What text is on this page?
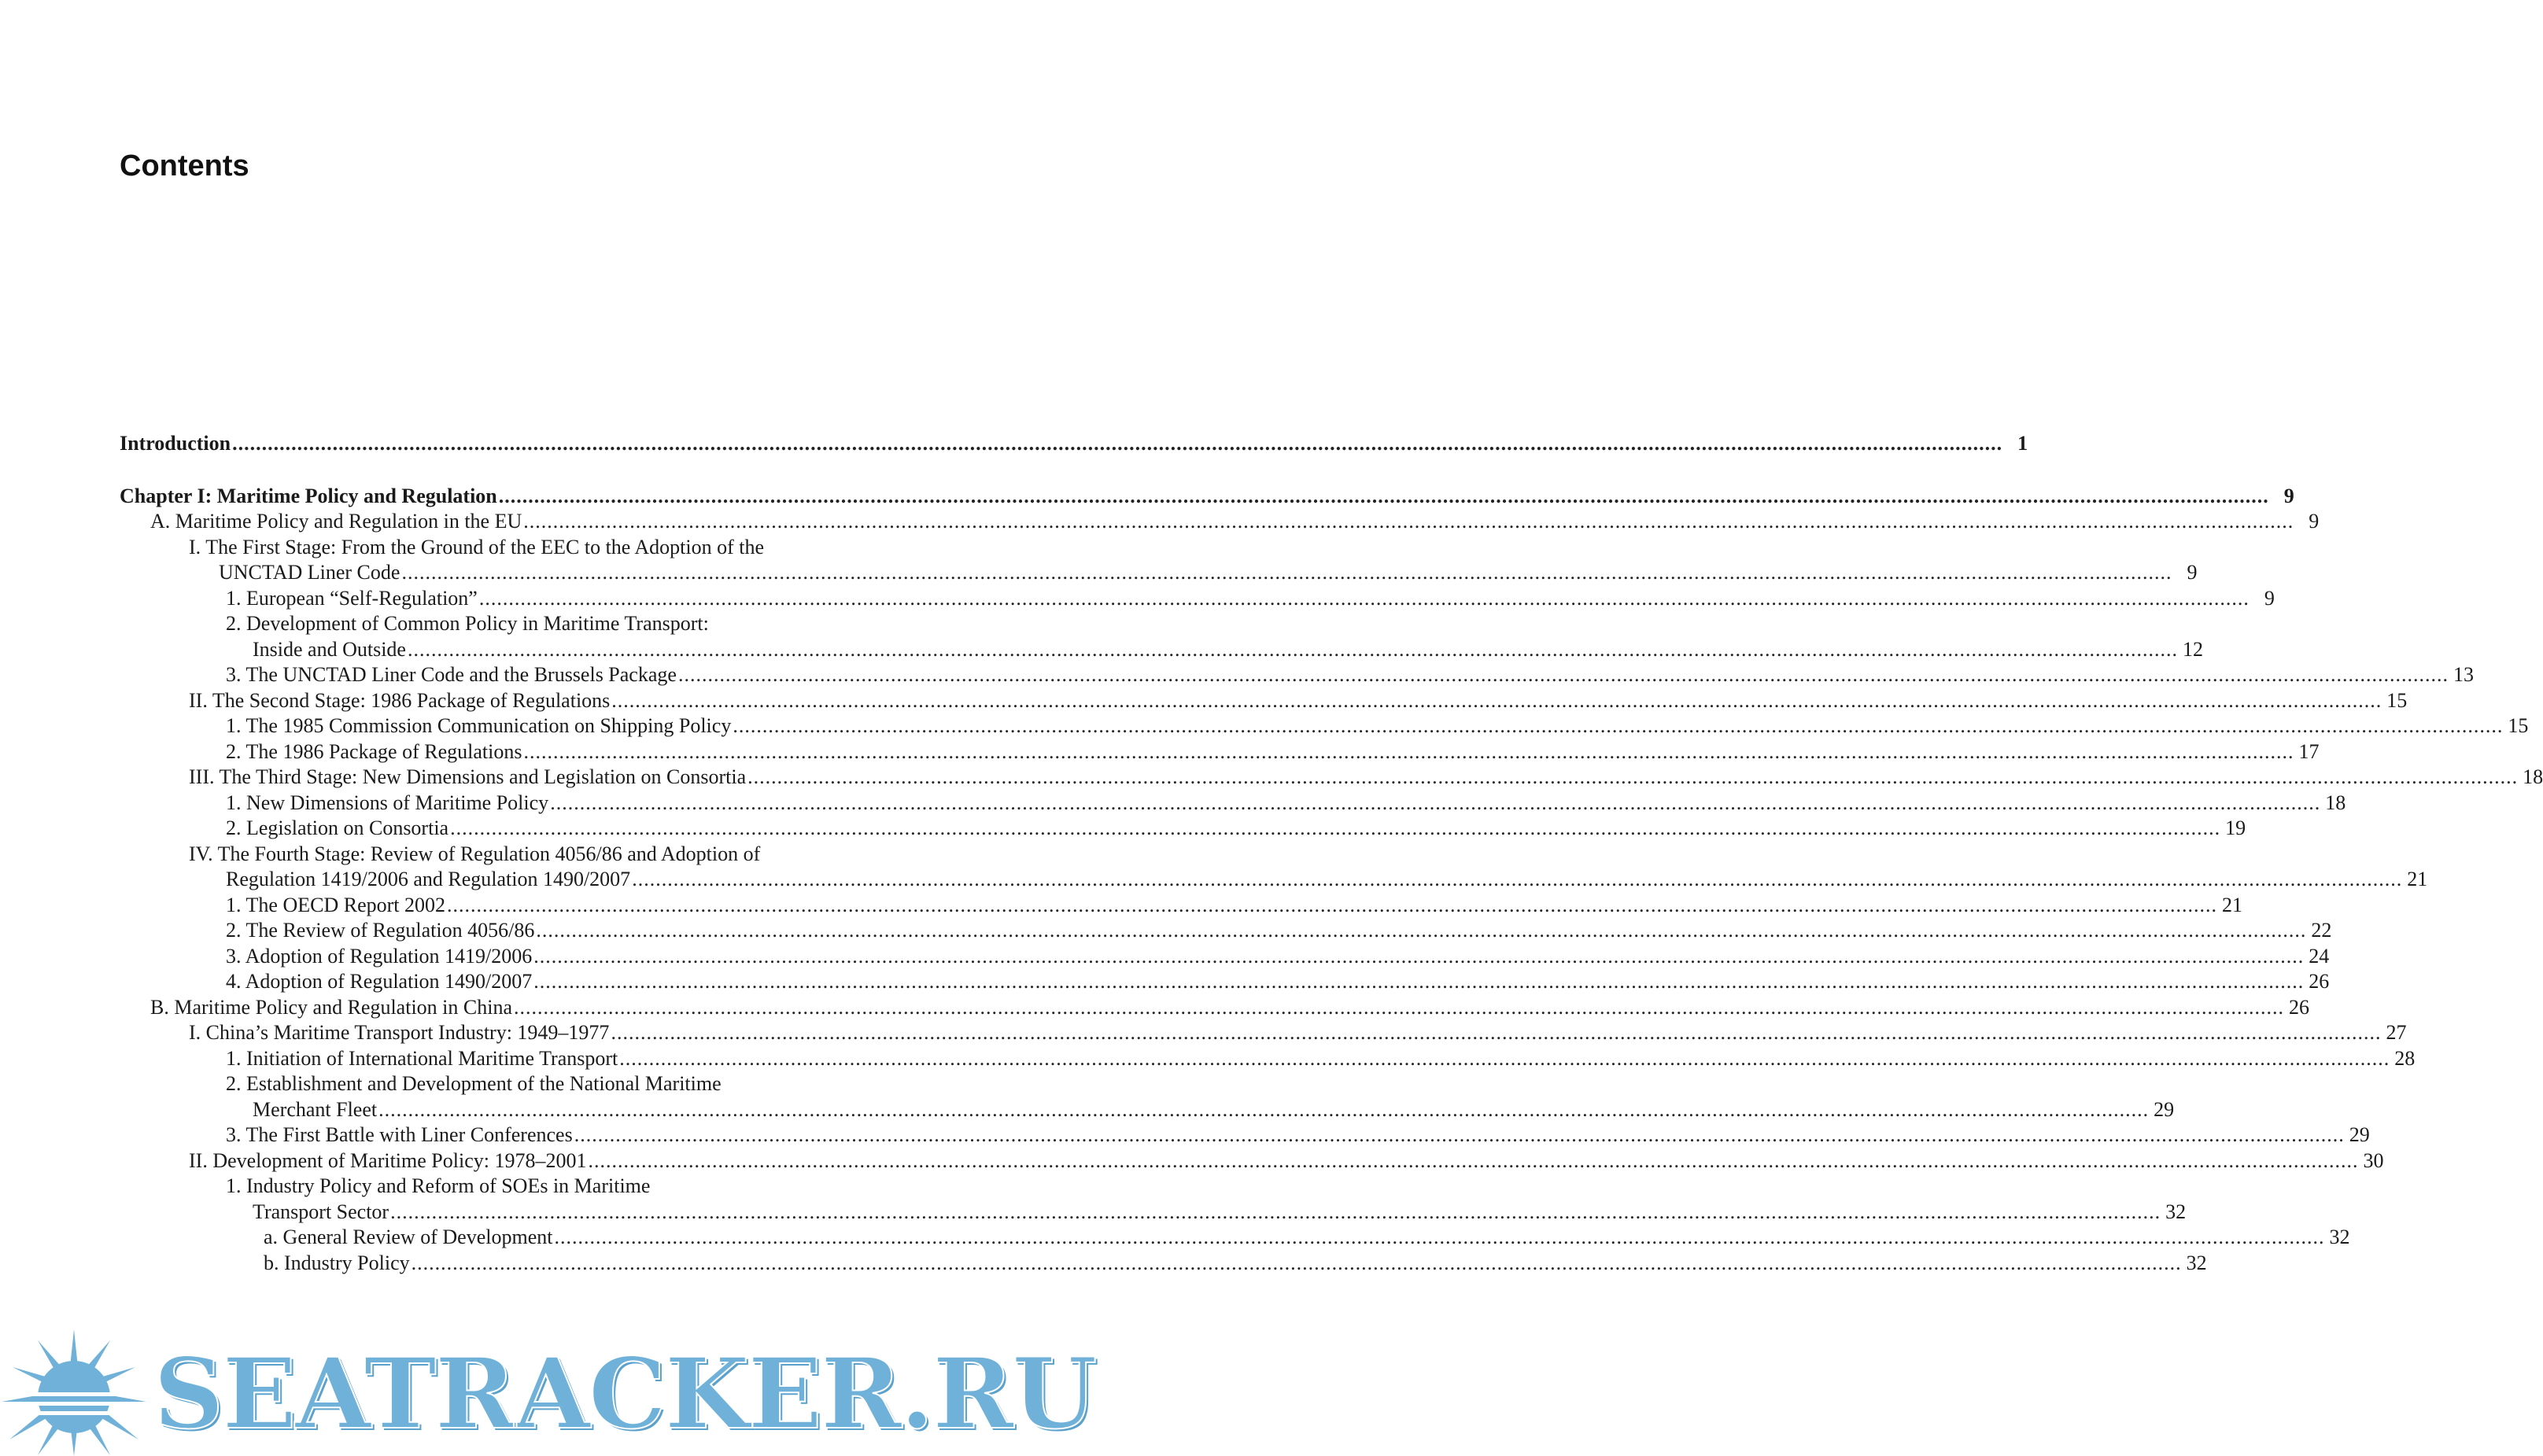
Contents
Introduction ............................................................................................................................................................................................................................................................................................................ 1
Chapter I: Maritime Policy and Regulation ............................................................................................................................................................................................................................................................................................................ 9
A. Maritime Policy and Regulation in the EU ............................................................................................................................................................................................................................................................................................................ 9
I. The First Stage: From the Ground of the EEC to the Adoption of the
UNCTAD Liner Code ............................................................................................................................................................................................................................................................................................................ 9
1. European “Self-Regulation” ............................................................................................................................................................................................................................................................................................................ 9
2. Development of Common Policy in Maritime Transport:
Inside and Outside ............................................................................................................................................................................................................................................................................................................ 12
3. The UNCTAD Liner Code and the Brussels Package ............................................................................................................................................................................................................................................................................................................ 13
II. The Second Stage: 1986 Package of Regulations ............................................................................................................................................................................................................................................................................................................ 15
1. The 1985 Commission Communication on Shipping Policy ............................................................................................................................................................................................................................................................................................................ 15
2. The 1986 Package of Regulations ............................................................................................................................................................................................................................................................................................................ 17
III. The Third Stage: New Dimensions and Legislation on Consortia ............................................................................................................................................................................................................................................................................................................ 18
1. New Dimensions of Maritime Policy ............................................................................................................................................................................................................................................................................................................ 18
2. Legislation on Consortia ............................................................................................................................................................................................................................................................................................................ 19
IV. The Fourth Stage: Review of Regulation 4056/86 and Adoption of
Regulation 1419/2006 and Regulation 1490/2007 ............................................................................................................................................................................................................................................................................................................ 21
1. The OECD Report 2002 ............................................................................................................................................................................................................................................................................................................ 21
2. The Review of Regulation 4056/86 ............................................................................................................................................................................................................................................................................................................ 22
3. Adoption of Regulation 1419/2006 ............................................................................................................................................................................................................................................................................................................ 24
4. Adoption of Regulation 1490/2007 ............................................................................................................................................................................................................................................................................................................ 26
B. Maritime Policy and Regulation in China ............................................................................................................................................................................................................................................................................................................ 26
I. China’s Maritime Transport Industry: 1949–1977 ............................................................................................................................................................................................................................................................................................................ 27
1. Initiation of International Maritime Transport ............................................................................................................................................................................................................................................................................................................ 28
2. Establishment and Development of the National Maritime
Merchant Fleet ............................................................................................................................................................................................................................................................................................................ 29
3. The First Battle with Liner Conferences ............................................................................................................................................................................................................................................................................................................ 29
II. Development of Maritime Policy: 1978–2001 ............................................................................................................................................................................................................................................................................................................ 30
1. Industry Policy and Reform of SOEs in Maritime
Transport Sector ............................................................................................................................................................................................................................................................................................................ 32
a. General Review of Development ............................................................................................................................................................................................................................................................................................................ 32
b. Industry Policy ............................................................................................................................................................................................................................................................................................................ 32
SEATRACKER.RU
